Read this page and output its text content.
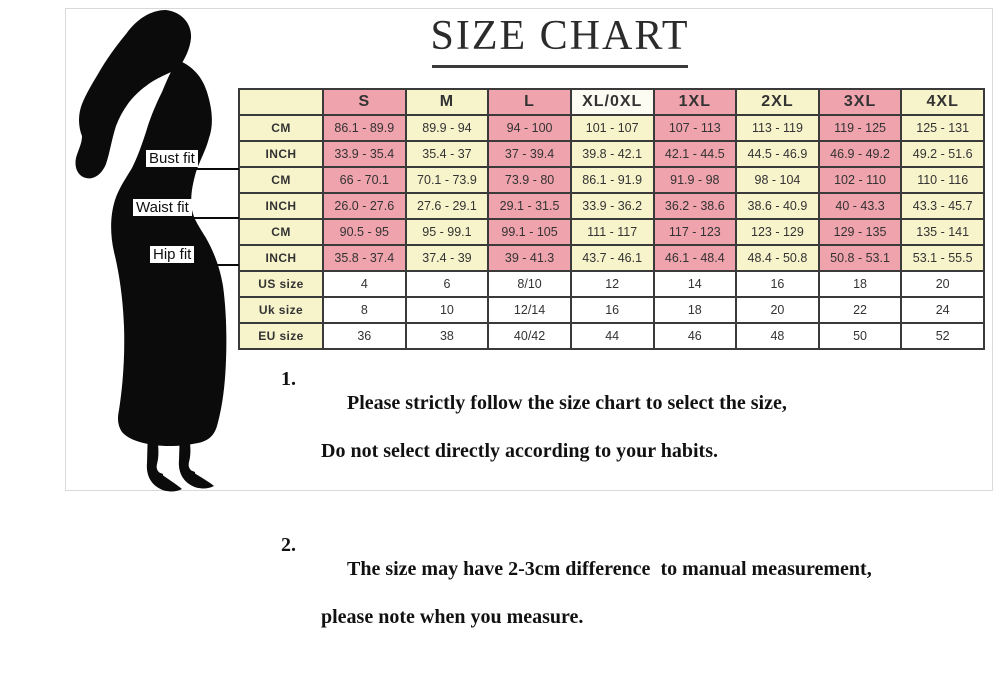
SIZE CHART
Bust fit
Waist fit
Hip fit
	S	M	L	XL/0XL	1XL	2XL	3XL	4XL
CM	86.1 - 89.9	89.9 - 94	94 - 100	101 - 107	107 - 113	113 - 119	119 - 125	125 - 131
INCH	33.9 - 35.4	35.4 - 37	37 - 39.4	39.8 - 42.1	42.1 - 44.5	44.5 - 46.9	46.9 - 49.2	49.2 - 51.6
CM	66 - 70.1	70.1 - 73.9	73.9 - 80	86.1 - 91.9	91.9 - 98	98 - 104	102 - 110	110 - 116
INCH	26.0 - 27.6	27.6 - 29.1	29.1 - 31.5	33.9 - 36.2	36.2 - 38.6	38.6 - 40.9	40 - 43.3	43.3 - 45.7
CM	90.5 - 95	95 - 99.1	99.1 - 105	111 - 117	117 - 123	123 - 129	129 - 135	135 - 141
INCH	35.8 - 37.4	37.4 - 39	39 - 41.3	43.7 - 46.1	46.1 - 48.4	48.4 - 50.8	50.8 - 53.1	53.1 - 55.5
US size	4	6	8/10	12	14	16	18	20
Uk size	8	10	12/14	16	18	20	22	24
EU size	36	38	40/42	44	46	48	50	52
1.

Please strictly follow the size chart to select the size,

Do not select directly according to your habits.

2.

The size may have 2-3cm difference  to manual measurement,

please note when you measure.
